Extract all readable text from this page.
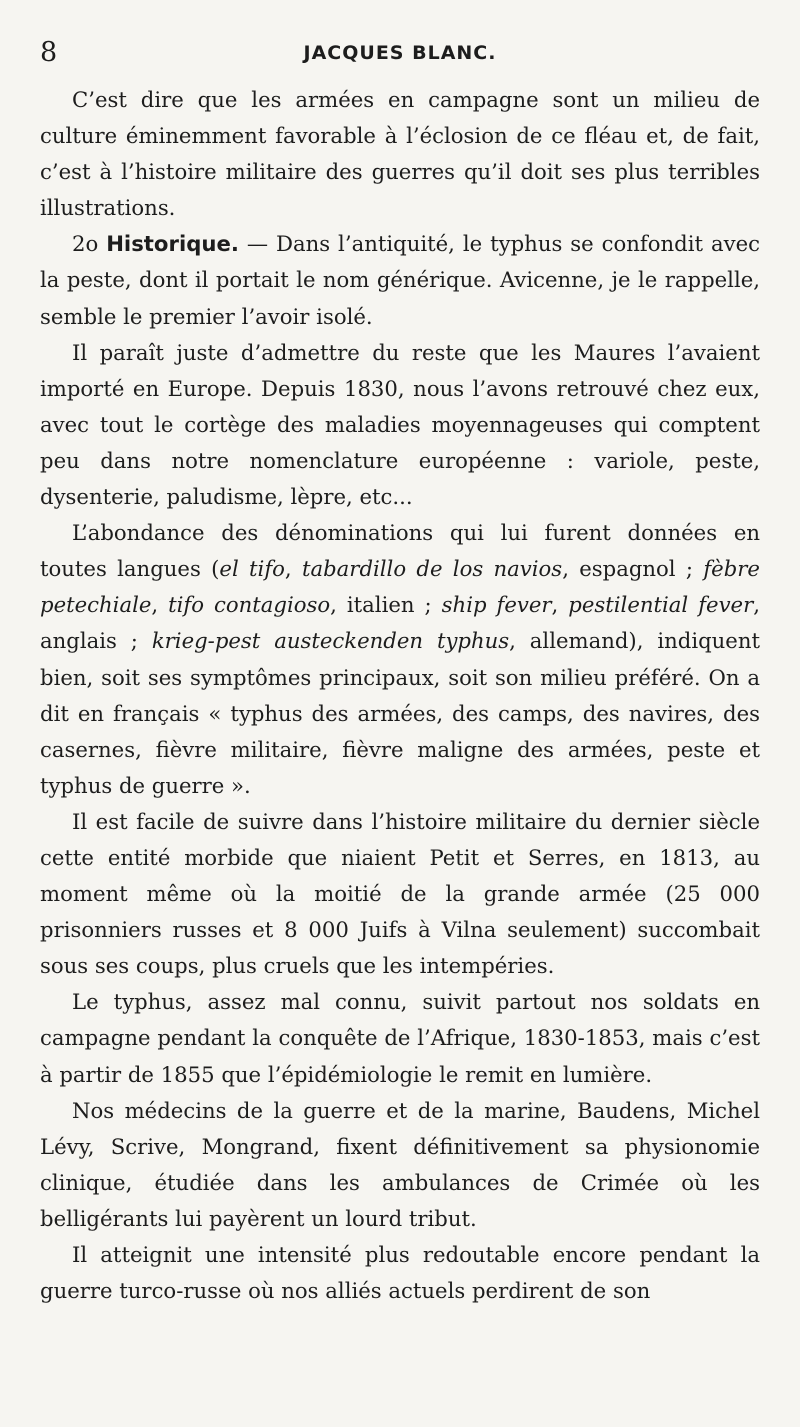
8	JACQUES BLANC.

C’est dire que les armées en campagne sont un milieu de culture éminemment favorable à l’éclosion de ce fléau et, de fait, c’est à l’histoire militaire des guerres qu’il doit ses plus terribles illustrations.

2o Historique. — Dans l’antiquité, le typhus se confondit avec la peste, dont il portait le nom générique. Avicenne, je le rappelle, semble le premier l’avoir isolé.

Il paraît juste d’admettre du reste que les Maures l’avaient importé en Europe. Depuis 1830, nous l’avons retrouvé chez eux, avec tout le cortège des maladies moyennageuses qui comptent peu dans notre nomenclature européenne : variole, peste, dysenterie, paludisme, lèpre, etc...

L’abondance des dénominations qui lui furent données en toutes langues (el tifo, tabardillo de los navios, espagnol ; fèbre petechiale, tifo contagioso, italien ; ship fever, pestilential fever, anglais ; krieg-pest austeckenden typhus, allemand), indiquent bien, soit ses symptômes principaux, soit son milieu préféré. On a dit en français « typhus des armées, des camps, des navires, des casernes, fièvre militaire, fièvre maligne des armées, peste et typhus de guerre ».

Il est facile de suivre dans l’histoire militaire du dernier siècle cette entité morbide que niaient Petit et Serres, en 1813, au moment même où la moitié de la grande armée (25 000 prisonniers russes et 8 000 Juifs à Vilna seulement) succombait sous ses coups, plus cruels que les intempéries.

Le typhus, assez mal connu, suivit partout nos soldats en campagne pendant la conquête de l’Afrique, 1830-1853, mais c’est à partir de 1855 que l’épidémiologie le remit en lumière.

Nos médecins de la guerre et de la marine, Baudens, Michel Lévy, Scrive, Mongrand, fixent définitivement sa physionomie clinique, étudiée dans les ambulances de Crimée où les belligérants lui payèrent un lourd tribut.

Il atteignit une intensité plus redoutable encore pendant la guerre turco-russe où nos alliés actuels perdirent de son
